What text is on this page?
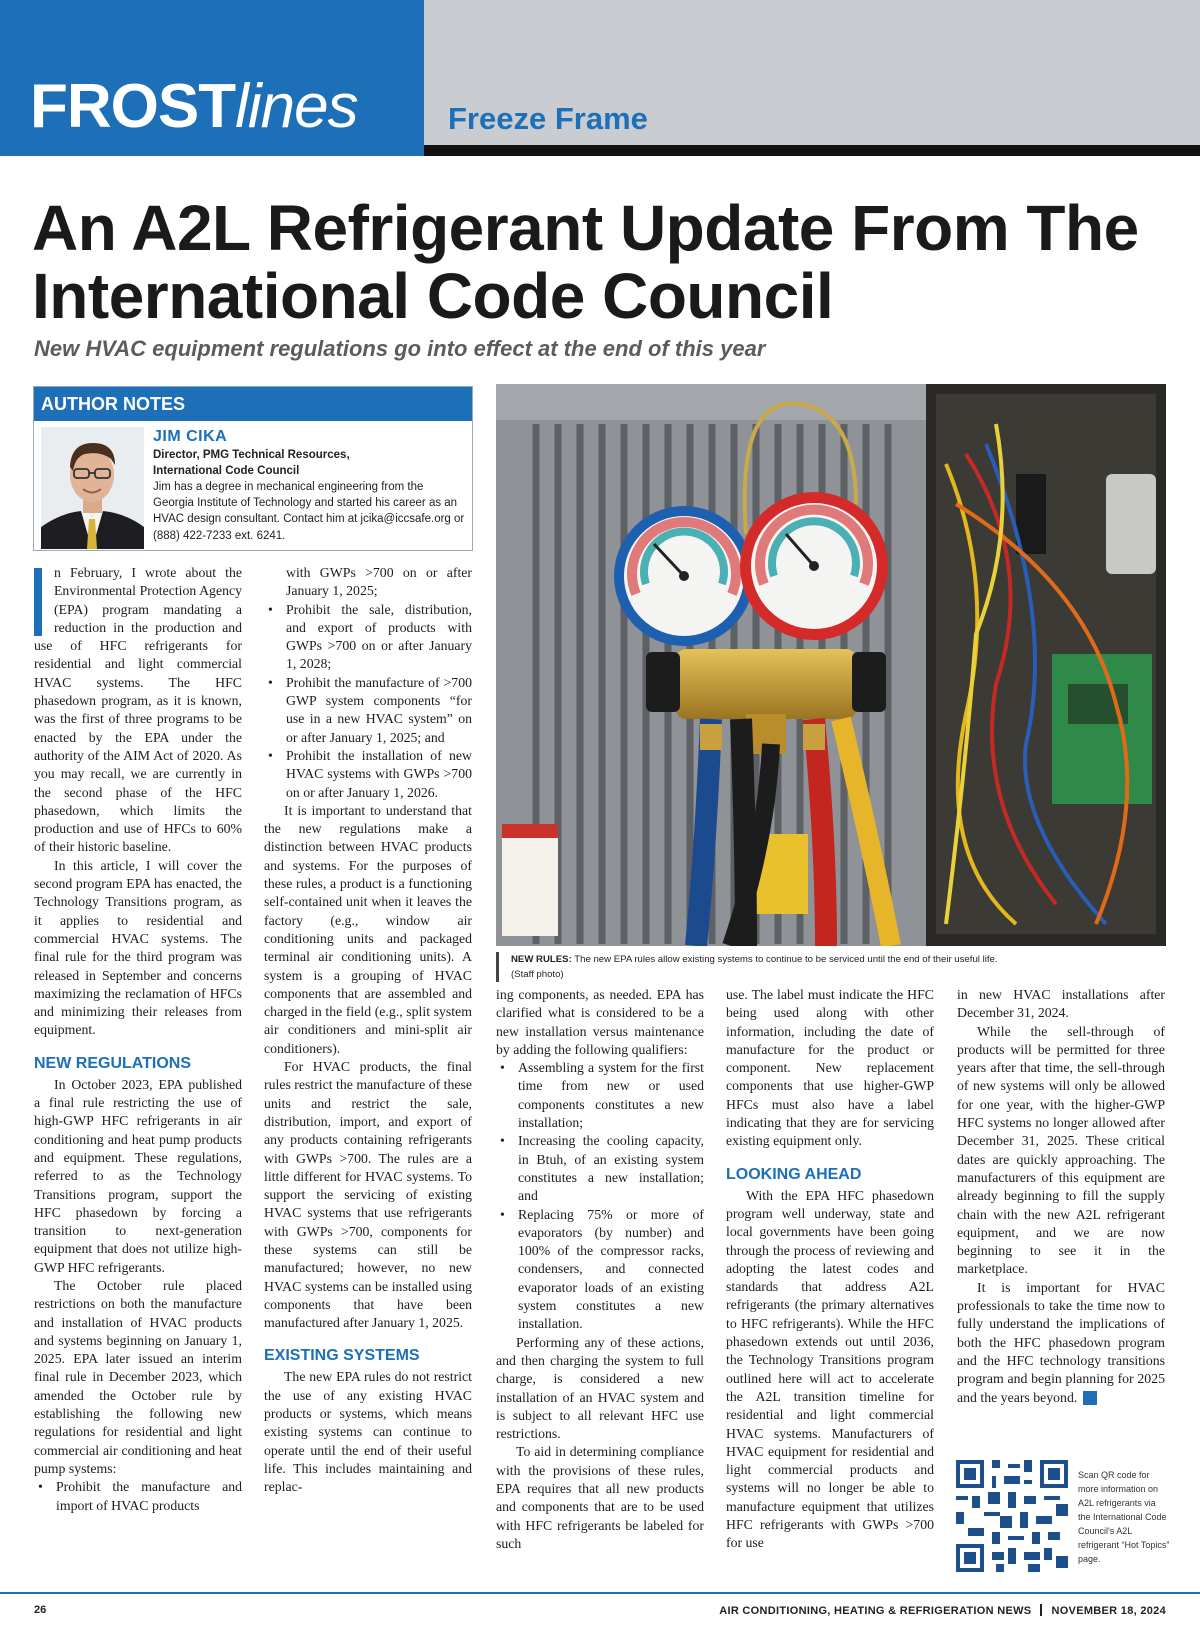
FROSTlines	Freeze Frame
An A2L Refrigerant Update From The International Code Council
New HVAC equipment regulations go into effect at the end of this year
AUTHOR NOTES
JIM CIKA
Director, PMG Technical Resources,
International Code Council
Jim has a degree in mechanical engineering from the Georgia Institute of Technology and started his career as an HVAC design consultant. Contact him at jcika@iccsafe.org or (888) 422-7233 ext. 6241.
NEW RULES: The new EPA rules allow existing systems to continue to be serviced until the end of their useful life.
(Staff photo)

n February, I wrote about the Environmental Protection Agency (EPA) program mandating a reduction in the production and use of HFC refrigerants for residential and light commercial HVAC systems. The HFC phasedown program, as it is known, was the first of three programs to be enacted by the EPA under the authority of the AIM Act of 2020. As you may recall, we are currently in the second phase of the HFC phasedown, which limits the production and use of HFCs to 60% of their historic baseline.

In this article, I will cover the second program EPA has enacted, the Technology Transitions program, as it applies to residential and commercial HVAC systems. The final rule for the third program was released in September and concerns maximizing the reclamation of HFCs and minimizing their releases from equipment.

NEW REGULATIONS

In October 2023, EPA published a final rule restricting the use of high-GWP HFC refrigerants in air conditioning and heat pump products and equipment. These regulations, referred to as the Technology Transitions program, support the HFC phasedown by forcing a transition to next-generation equipment that does not utilize high-GWP HFC refrigerants.

The October rule placed restrictions on both the manufacture and installation of HVAC products and systems beginning on January 1, 2025. EPA later issued an interim final rule in December 2023, which amended the October rule by establishing the following new regulations for residential and light commercial air conditioning and heat pump systems:

• Prohibit the manufacture and import of HVAC products

with GWPs >700 on or after January 1, 2025;

• Prohibit the sale, distribution, and export of products with GWPs >700 on or after January 1, 2028;
• Prohibit the manufacture of >700 GWP system components “for use in a new HVAC system” on or after January 1, 2025; and
• Prohibit the installation of new HVAC systems with GWPs >700 on or after January 1, 2026.

It is important to understand that the new regulations make a distinction between HVAC products and systems. For the purposes of these rules, a product is a functioning self-contained unit when it leaves the factory (e.g., window air conditioning units and packaged terminal air conditioning units). A system is a grouping of HVAC components that are assembled and charged in the field (e.g., split system air conditioners and mini-split air conditioners).

For HVAC products, the final rules restrict the manufacture of these units and restrict the sale, distribution, import, and export of any products containing refrigerants with GWPs >700. The rules are a little different for HVAC systems. To support the servicing of existing HVAC systems that use refrigerants with GWPs >700, components for these systems can still be manufactured; however, no new HVAC systems can be installed using components that have been manufactured after January 1, 2025.

EXISTING SYSTEMS

The new EPA rules do not restrict the use of any existing HVAC products or systems, which means existing systems can continue to operate until the end of their useful life. This includes maintaining and replac-

ing components, as needed. EPA has clarified what is considered to be a new installation versus maintenance by adding the following qualifiers:

• Assembling a system for the first time from new or used components constitutes a new installation;
• Increasing the cooling capacity, in Btuh, of an existing system constitutes a new installation; and
• Replacing 75% or more of evaporators (by number) and 100% of the compressor racks, condensers, and connected evaporator loads of an existing system constitutes a new installation.

Performing any of these actions, and then charging the system to full charge, is considered a new installation of an HVAC system and is subject to all relevant HFC use restrictions.

To aid in determining compliance with the provisions of these rules, EPA requires that all new products and components that are to be used with HFC refrigerants be labeled for such

use. The label must indicate the HFC being used along with other information, including the date of manufacture for the product or component. New replacement components that use higher-GWP HFCs must also have a label indicating that they are for servicing existing equipment only.

LOOKING AHEAD

With the EPA HFC phasedown program well underway, state and local governments have been going through the process of reviewing and adopting the latest codes and standards that address A2L refrigerants (the primary alternatives to HFC refrigerants). While the HFC phasedown extends out until 2036, the Technology Transitions program outlined here will act to accelerate the A2L transition timeline for residential and light commercial HVAC systems. Manufacturers of HVAC equipment for residential and light commercial products and systems will no longer be able to manufacture equipment that utilizes HFC refrigerants with GWPs >700 for use

in new HVAC installations after December 31, 2024.

While the sell-through of products will be permitted for three years after that time, the sell-through of new systems will only be allowed for one year, with the higher-GWP HFC systems no longer allowed after December 31, 2025. These critical dates are quickly approaching. The manufacturers of this equipment are already beginning to fill the supply chain with the new A2L refrigerant equipment, and we are now beginning to see it in the marketplace.

It is important for HVAC professionals to take the time now to fully understand the implications of both the HFC phasedown program and the HFC technology transitions program and begin planning for 2025 and the years beyond. N

Scan QR code for more information on A2L refrigerants via the International Code Council's A2L refrigerant “Hot Topics” page.
26	AIR CONDITIONING, HEATING & REFRIGERATION NEWS NOVEMBER 18, 2024
